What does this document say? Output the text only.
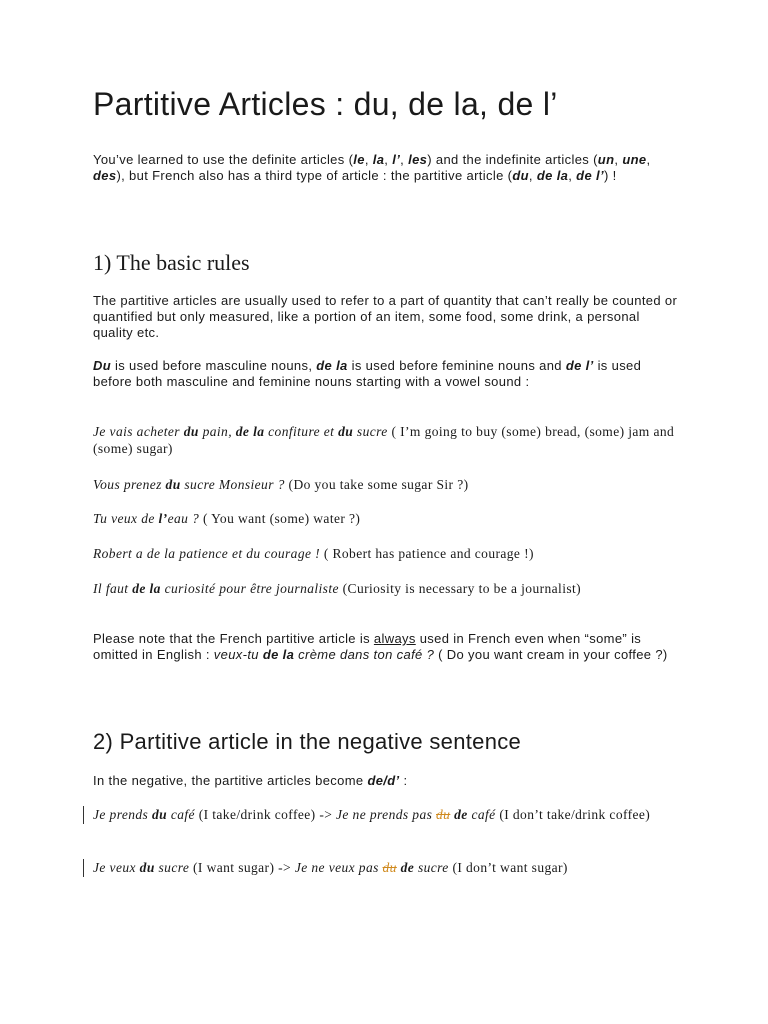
Partitive Articles : du, de la, de l’

You’ve learned to use the definite articles (le, la, l’, les) and the indefinite articles (un, une, des), but French also has a third type of article : the partitive article (du, de la, de l’) !

1) The basic rules

The partitive articles are usually used to refer to a part of quantity that can’t really be counted or quantified but only measured, like a portion of an item, some food, some drink, a personal quality etc.

Du is used before masculine nouns, de la is used before feminine nouns and de l’ is used before both masculine and feminine nouns starting with a vowel sound :

Je vais acheter du pain, de la confiture et du sucre ( I’m going to buy (some) bread, (some) jam and (some) sugar)

Vous prenez du sucre Monsieur ? (Do you take some sugar Sir ?)

Tu veux de l’eau ? ( You want (some) water ?)

Robert a de la patience et du courage ! ( Robert has patience and courage !)

Il faut de la curiosité pour être journaliste (Curiosity is necessary to be a journalist)

Please note that the French partitive article is always used in French even when “some” is omitted in English : veux-tu de la crème dans ton café ? ( Do you want cream in your coffee ?)

2) Partitive article in the negative sentence

In the negative, the partitive articles become de/d’ :

Je prends du café (I take/drink coffee) -> Je ne prends pas du de café (I don’t take/drink coffee)

Je veux du sucre (I want sugar) -> Je ne veux pas du de sucre (I don’t want sugar)
